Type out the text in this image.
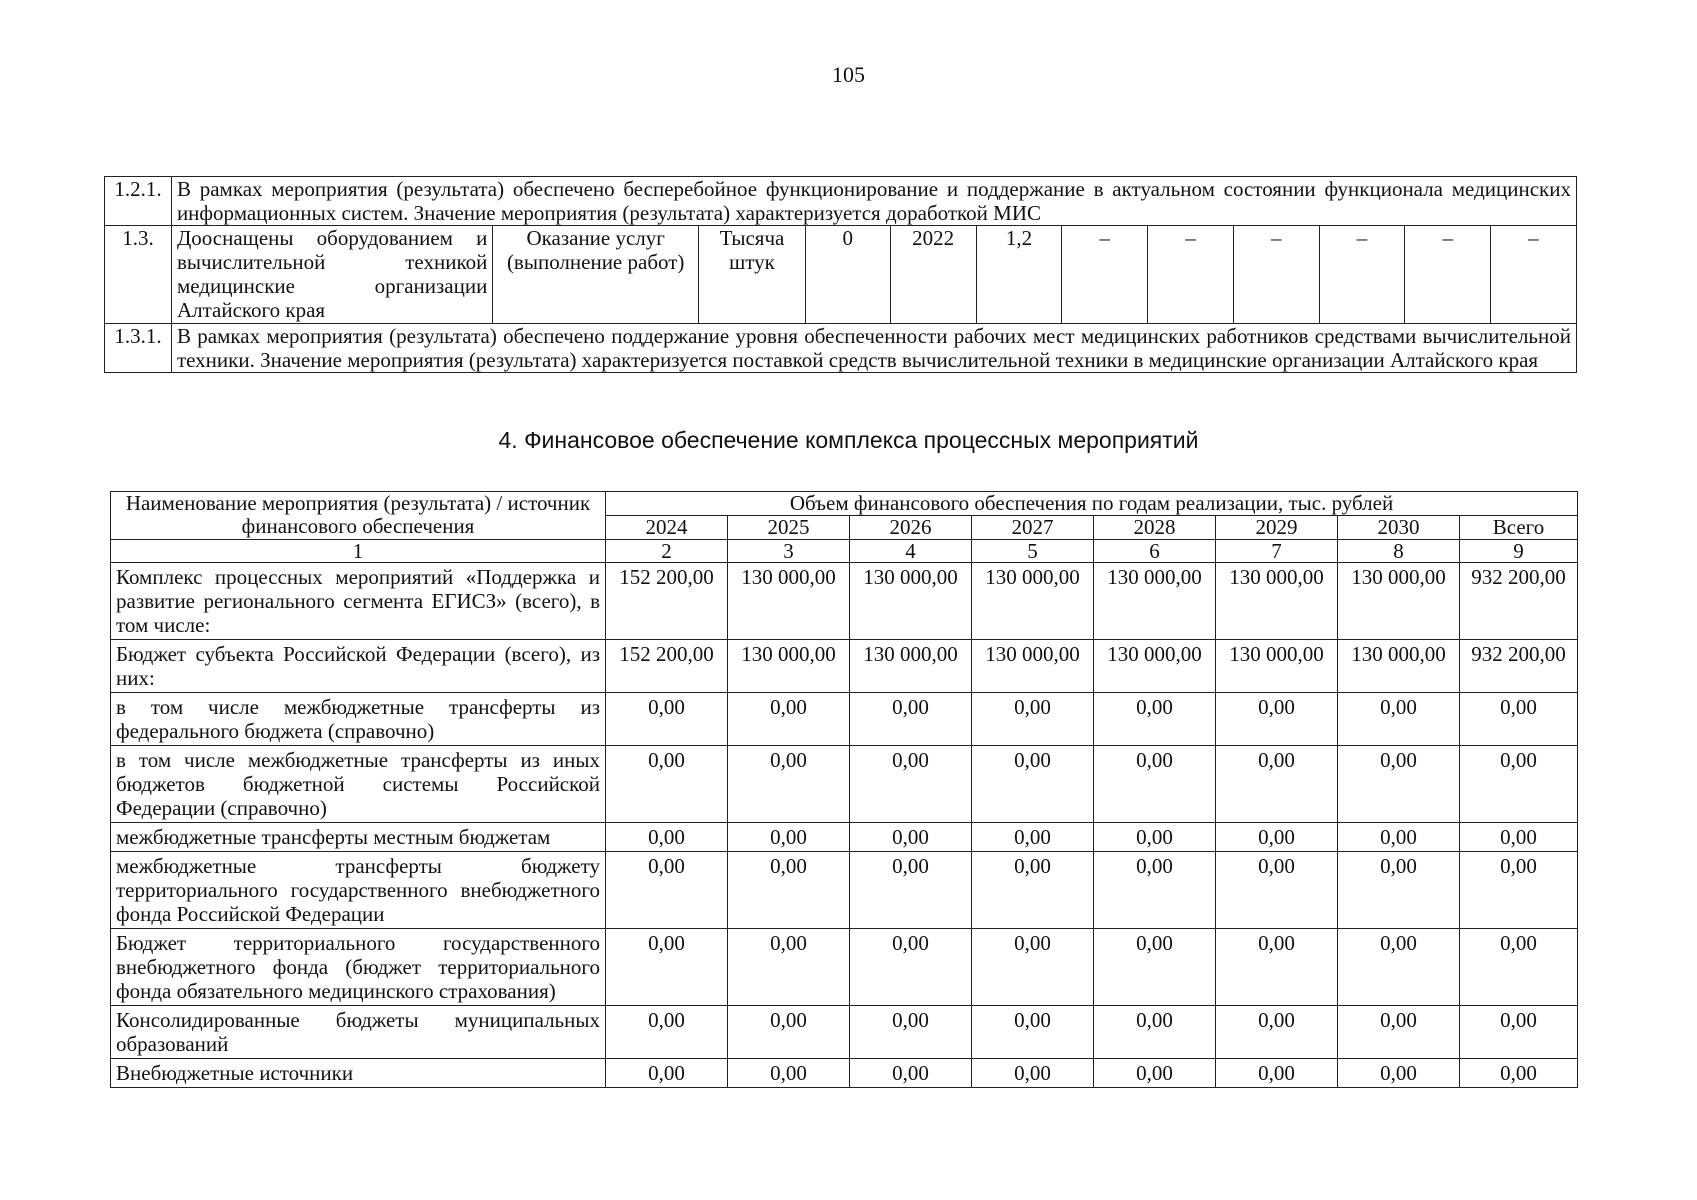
105
1.2.1.	В рамках мероприятия (результата) обеспечено бесперебойное функционирование и поддержание в актуальном состоянии функционала медицинских информационных систем. Значение мероприятия (результата) характеризуется доработкой МИС											
1.3.	Дооснащены оборудованием и вычислительной техникой медицинские организации Алтайского края	Оказание услуг (выполнение работ)	Тысяча штук	0	2022	1,2	–	–	–	–	–	–
1.3.1.	В рамках мероприятия (результата) обеспечено поддержание уровня обеспеченности рабочих мест медицинских работников средствами вычислительной техники. Значение мероприятия (результата) характеризуется поставкой средств вычислительной техники в медицинские организации Алтайского края											
4. Финансовое обеспечение комплекса процессных мероприятий
Наименование мероприятия (результата) / источник финансового обеспечения	Объем финансового обеспечения по годам реализации, тыс. рублей							
	2024	2025	2026	2027	2028	2029	2030	Всего
1	2	3	4	5	6	7	8	9
Комплекс процессных мероприятий «Поддержка и развитие регионального сегмента ЕГИСЗ» (всего), в том числе:	152 200,00	130 000,00	130 000,00	130 000,00	130 000,00	130 000,00	130 000,00	932 200,00
Бюджет субъекта Российской Федерации (всего), из них:	152 200,00	130 000,00	130 000,00	130 000,00	130 000,00	130 000,00	130 000,00	932 200,00
в том числе межбюджетные трансферты из федерального бюджета (справочно)	0,00	0,00	0,00	0,00	0,00	0,00	0,00	0,00
в том числе межбюджетные трансферты из иных бюджетов бюджетной системы Российской Федерации (справочно)	0,00	0,00	0,00	0,00	0,00	0,00	0,00	0,00
межбюджетные трансферты местным бюджетам	0,00	0,00	0,00	0,00	0,00	0,00	0,00	0,00
межбюджетные трансферты бюджету территориального государственного внебюджетного фонда Российской Федерации	0,00	0,00	0,00	0,00	0,00	0,00	0,00	0,00
Бюджет территориального государственного внебюджетного фонда (бюджет территориального фонда обязательного медицинского страхования)	0,00	0,00	0,00	0,00	0,00	0,00	0,00	0,00
Консолидированные бюджеты муниципальных образований	0,00	0,00	0,00	0,00	0,00	0,00	0,00	0,00
Внебюджетные источники	0,00	0,00	0,00	0,00	0,00	0,00	0,00	0,00
